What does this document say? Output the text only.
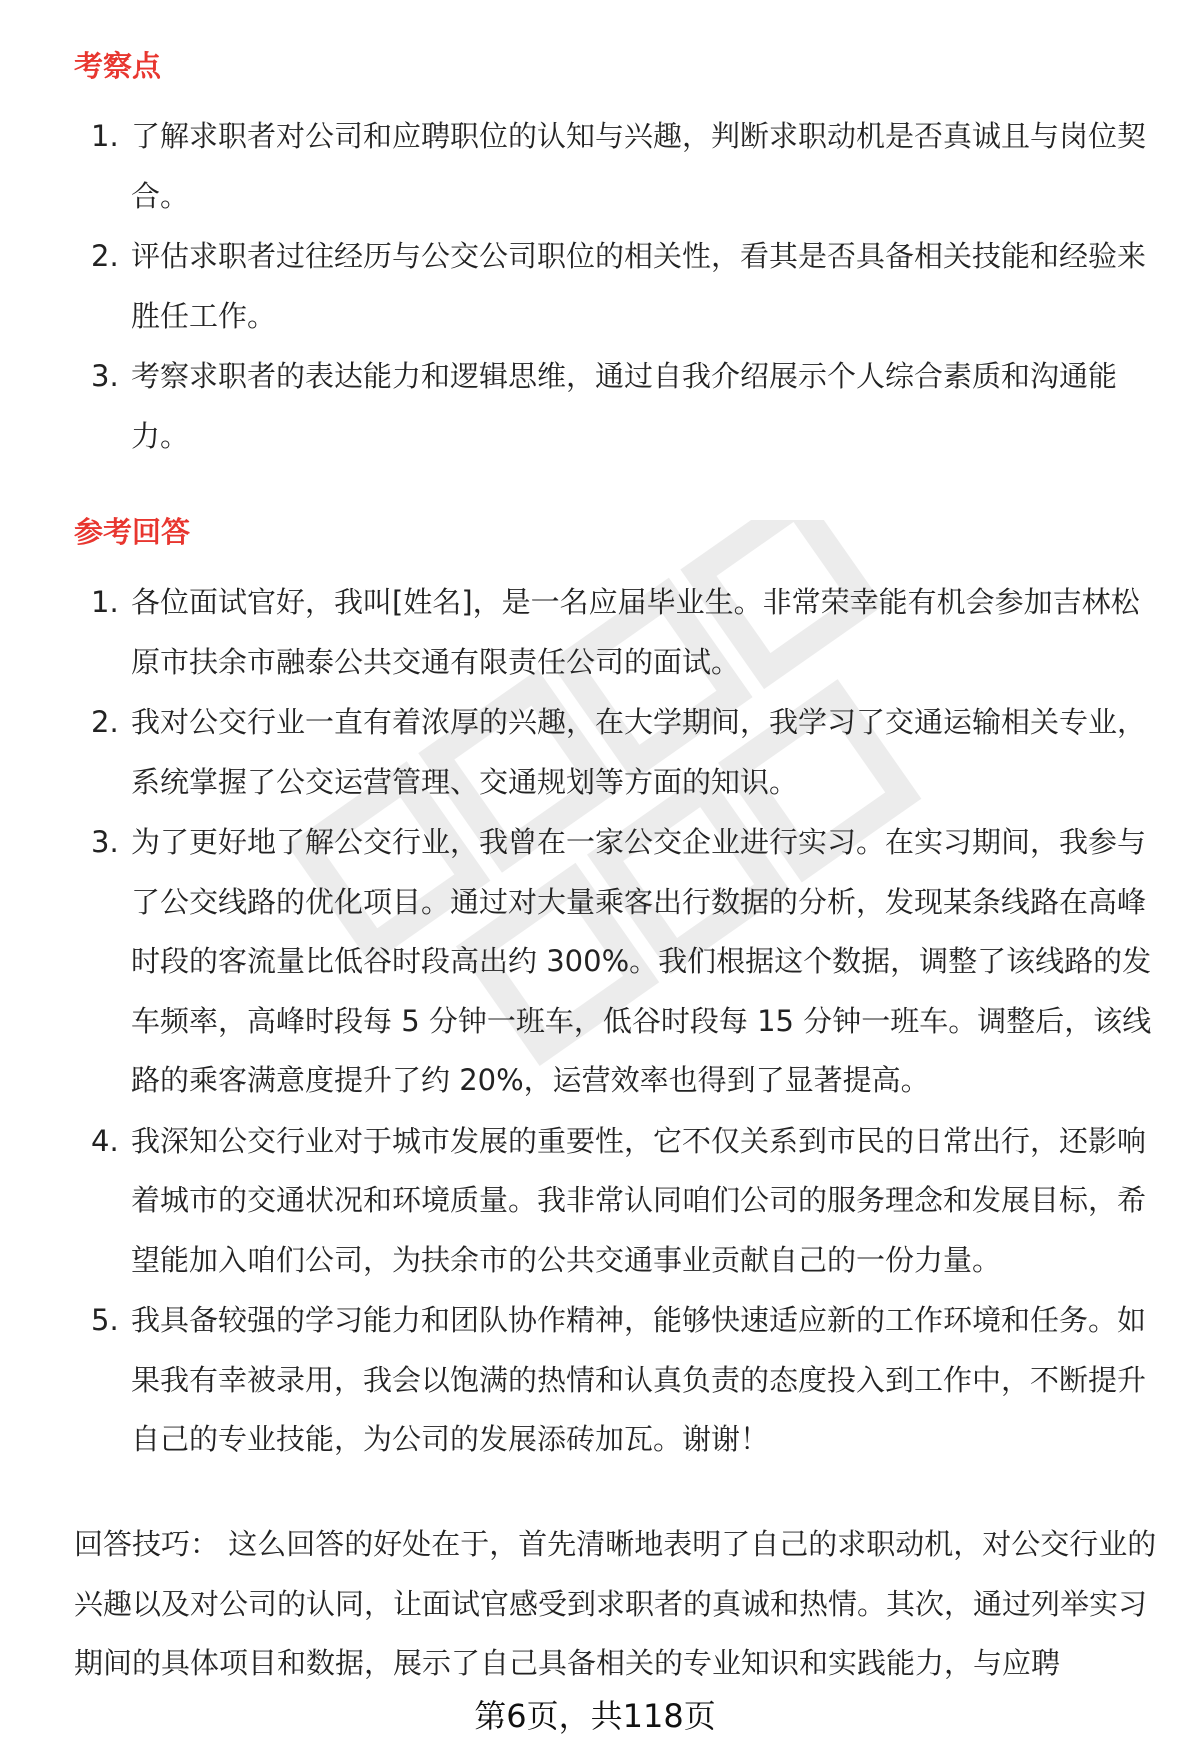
考察点
1. 了解求职者对公司和应聘职位的认知与兴趣，判断求职动机是否真诚且与岗位契合。
2. 评估求职者过往经历与公交公司职位的相关性，看其是否具备相关技能和经验来胜任工作。
3. 考察求职者的表达能力和逻辑思维，通过自我介绍展示个人综合素质和沟通能力。
参考回答
1. 各位面试官好，我叫[姓名]，是一名应届毕业生。非常荣幸能有机会参加吉林松原市扶余市融泰公共交通有限责任公司的面试。
2. 我对公交行业一直有着浓厚的兴趣，在大学期间，我学习了交通运输相关专业，系统掌握了公交运营管理、交通规划等方面的知识。
3. 为了更好地了解公交行业，我曾在一家公交企业进行实习。在实习期间，我参与了公交线路的优化项目。通过对大量乘客出行数据的分析，发现某条线路在高峰时段的客流量比低谷时段高出约 300%。我们根据这个数据，调整了该线路的发车频率，高峰时段每 5 分钟一班车，低谷时段每 15 分钟一班车。调整后，该线路的乘客满意度提升了约 20%，运营效率也得到了显著提高。
4. 我深知公交行业对于城市发展的重要性，它不仅关系到市民的日常出行，还影响着城市的交通状况和环境质量。我非常认同咱们公司的服务理念和发展目标，希望能加入咱们公司，为扶余市的公共交通事业贡献自己的一份力量。
5. 我具备较强的学习能力和团队协作精神，能够快速适应新的工作环境和任务。如果我有幸被录用，我会以饱满的热情和认真负责的态度投入到工作中，不断提升自己的专业技能，为公司的发展添砖加瓦。谢谢！

回答技巧： 这么回答的好处在于，首先清晰地表明了自己的求职动机，对公交行业的兴趣以及对公司的认同，让面试官感受到求职者的真诚和热情。其次，通过列举实习期间的具体项目和数据，展示了自己具备相关的专业知识和实践能力，与应聘

第6页，共118页
